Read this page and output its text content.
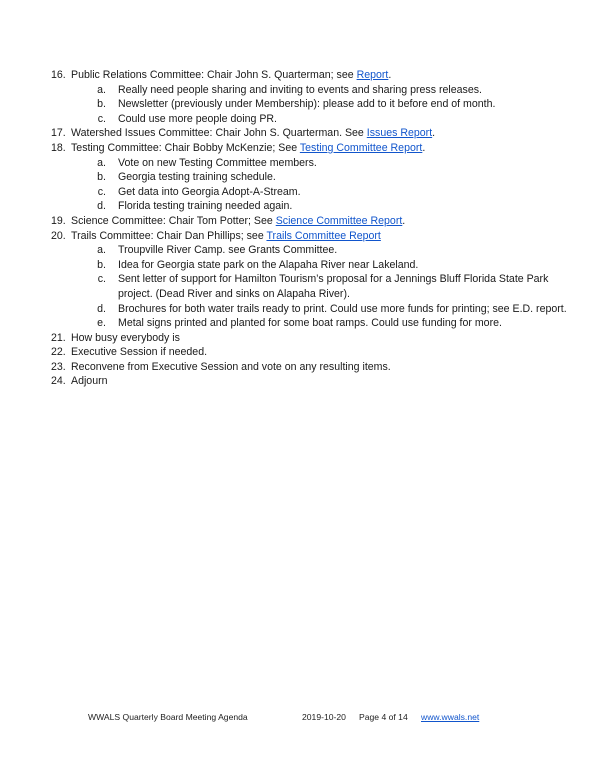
16. Public Relations Committee: Chair John S. Quarterman; see Report.
a. Really need people sharing and inviting to events and sharing press releases.
b. Newsletter (previously under Membership): please add to it before end of month.
c. Could use more people doing PR.
17. Watershed Issues Committee: Chair John S. Quarterman. See Issues Report.
18. Testing Committee: Chair Bobby McKenzie; See Testing Committee Report.
a. Vote on new Testing Committee members.
b. Georgia testing training schedule.
c. Get data into Georgia Adopt-A-Stream.
d. Florida testing training needed again.
19. Science Committee: Chair Tom Potter; See Science Committee Report.
20. Trails Committee: Chair Dan Phillips; see Trails Committee Report
a. Troupville River Camp. see Grants Committee.
b. Idea for Georgia state park on the Alapaha River near Lakeland.
c. Sent letter of support for Hamilton Tourism’s proposal for a Jennings Bluff Florida State Park project. (Dead River and sinks on Alapaha River).
d. Brochures for both water trails ready to print. Could use more funds for printing; see E.D. report.
e. Metal signs printed and planted for some boat ramps. Could use funding for more.
21. How busy everybody is
22. Executive Session if needed.
23. Reconvene from Executive Session and vote on any resulting items.
24. Adjourn
WWALS Quarterly Board Meeting Agenda	2019-10-20 Page 4 of 14 www.wwals.net
